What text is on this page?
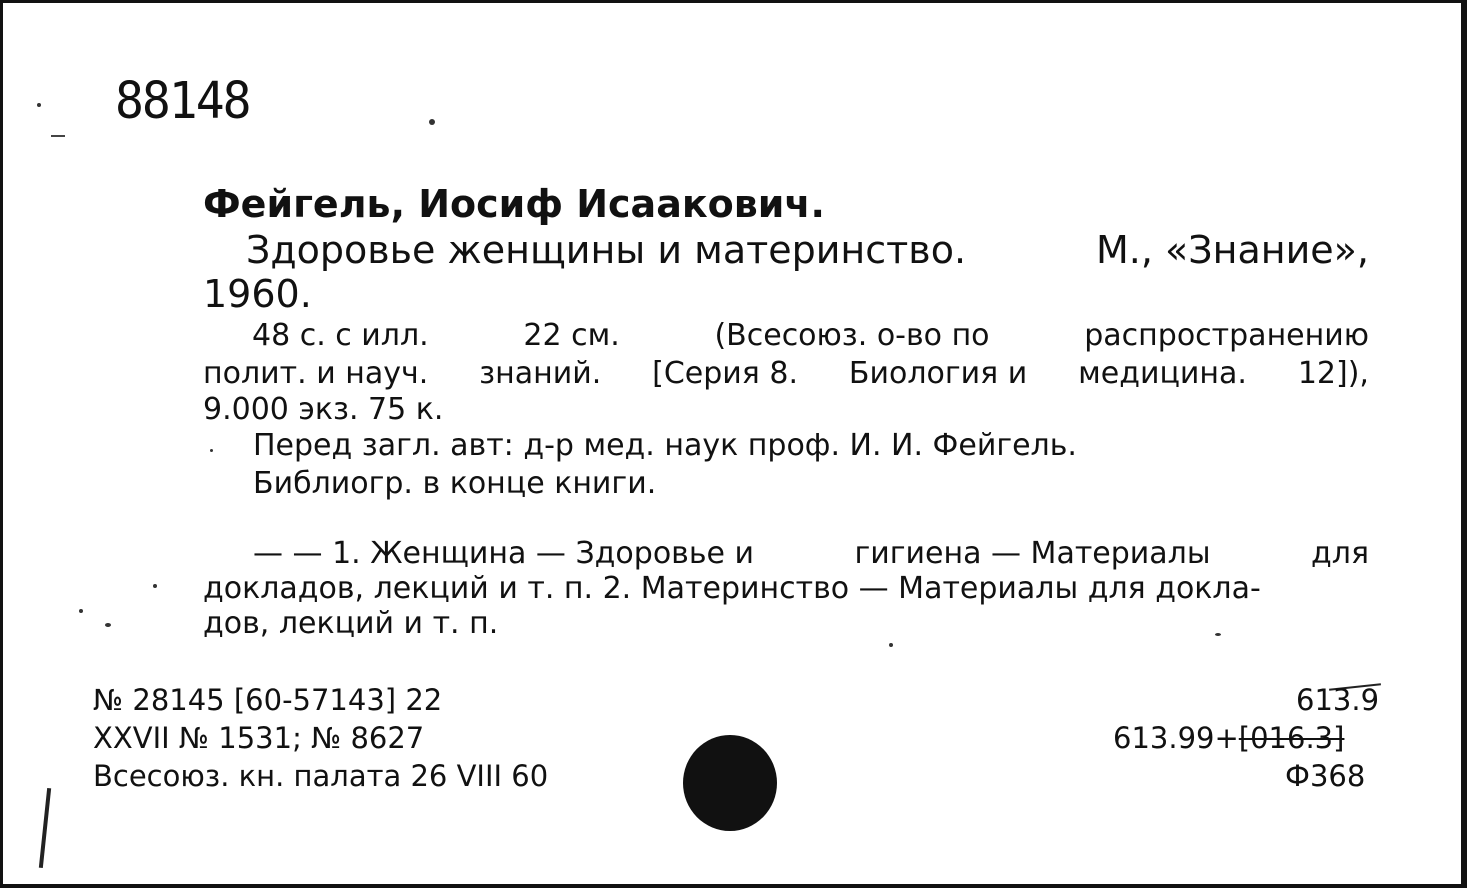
88148
Фейгель, Иосиф Исаакович.
Здоровье женщины и материнство.	М., «Знание»,
1960.
48 с. с илл.	22 см.	(Всесоюз. о-во по	распространению
полит. и науч. знаний. [Серия 8. Биология и медицина. 12]),
9.000 экз. 75 к.
Перед загл. авт: д-р мед. наук проф. И. И. Фейгель.
Библиогр. в конце книги.
— — 1. Женщина — Здоровье и	гигиена — Материалы	для
докладов, лекций и т. п. 2. Материнство — Материалы для докла-
дов, лекций и т. п.
№ 28145 [60-57143] 22
XXVII № 1531; № 8627
Всесоюз. кн. палата 26 VIII 60
613.9
613.99+[016.3]
Ф368
